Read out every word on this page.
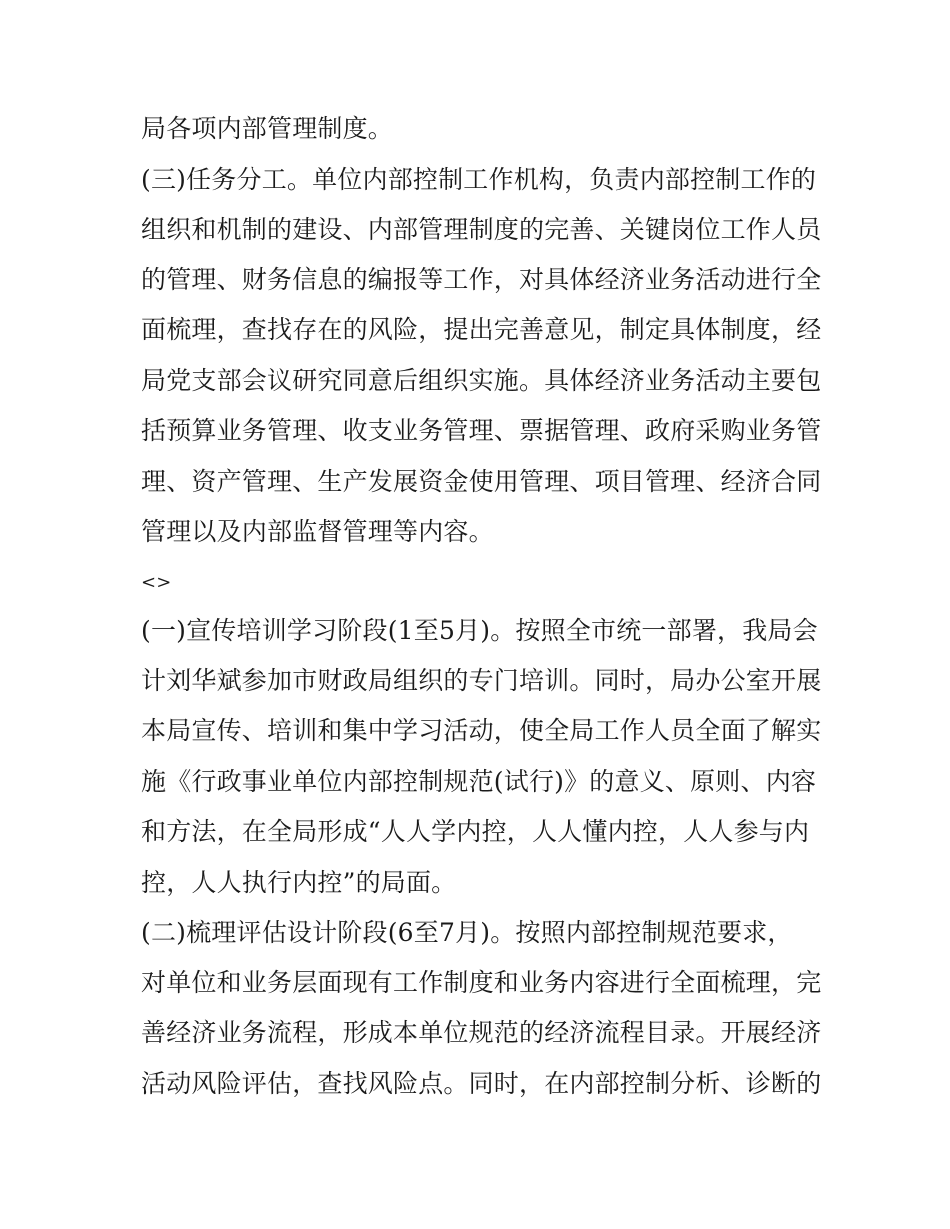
局各项内部管理制度。
(三)任务分工。单位内部控制工作机构，负责内部控制工作的
组织和机制的建设、内部管理制度的完善、关键岗位工作人员
的管理、财务信息的编报等工作，对具体经济业务活动进行全
面梳理，查找存在的风险，提出完善意见，制定具体制度，经
局党支部会议研究同意后组织实施。具体经济业务活动主要包
括预算业务管理、收支业务管理、票据管理、政府采购业务管
理、资产管理、生产发展资金使用管理、项目管理、经济合同
管理以及内部监督管理等内容。
<>
(一)宣传培训学习阶段(1至5月)。按照全市统一部署，我局会
计刘华斌参加市财政局组织的专门培训。同时，局办公室开展
本局宣传、培训和集中学习活动，使全局工作人员全面了解实
施《行政事业单位内部控制规范(试行)》的意义、原则、内容
和方法，在全局形成“人人学内控，人人懂内控，人人参与内
控，人人执行内控”的局面。
(二)梳理评估设计阶段(6至7月)。按照内部控制规范要求，
对单位和业务层面现有工作制度和业务内容进行全面梳理，完
善经济业务流程，形成本单位规范的经济流程目录。开展经济
活动风险评估，查找风险点。同时，在内部控制分析、诊断的
